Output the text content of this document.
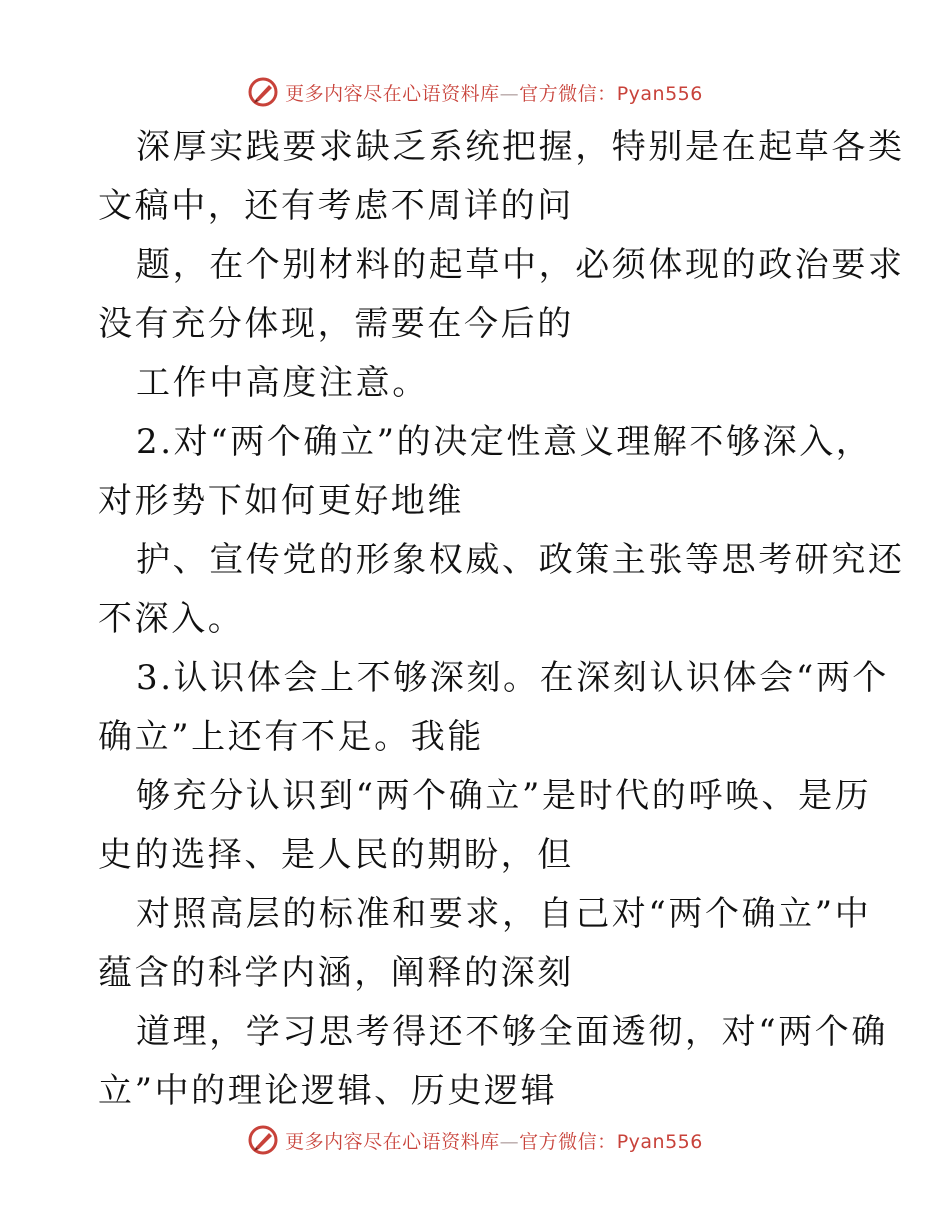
更多内容尽在心语资料库—官方微信：Pyan556

深厚实践要求缺乏系统把握，特别是在起草各类

文稿中，还有考虑不周详的问

题，在个别材料的起草中，必须体现的政治要求

没有充分体现，需要在今后的

工作中高度注意。

2.对“两个确立”的决定性意义理解不够深入，

对形势下如何更好地维

护、宣传党的形象权威、政策主张等思考研究还

不深入。

3.认识体会上不够深刻。在深刻认识体会“两个

确立”上还有不足。我能

够充分认识到“两个确立”是时代的呼唤、是历

史的选择、是人民的期盼，但

对照高层的标准和要求，自己对“两个确立”中

蕴含的科学内涵，阐释的深刻

道理，学习思考得还不够全面透彻，对“两个确

立”中的理论逻辑、历史逻辑

更多内容尽在心语资料库—官方微信：Pyan556
